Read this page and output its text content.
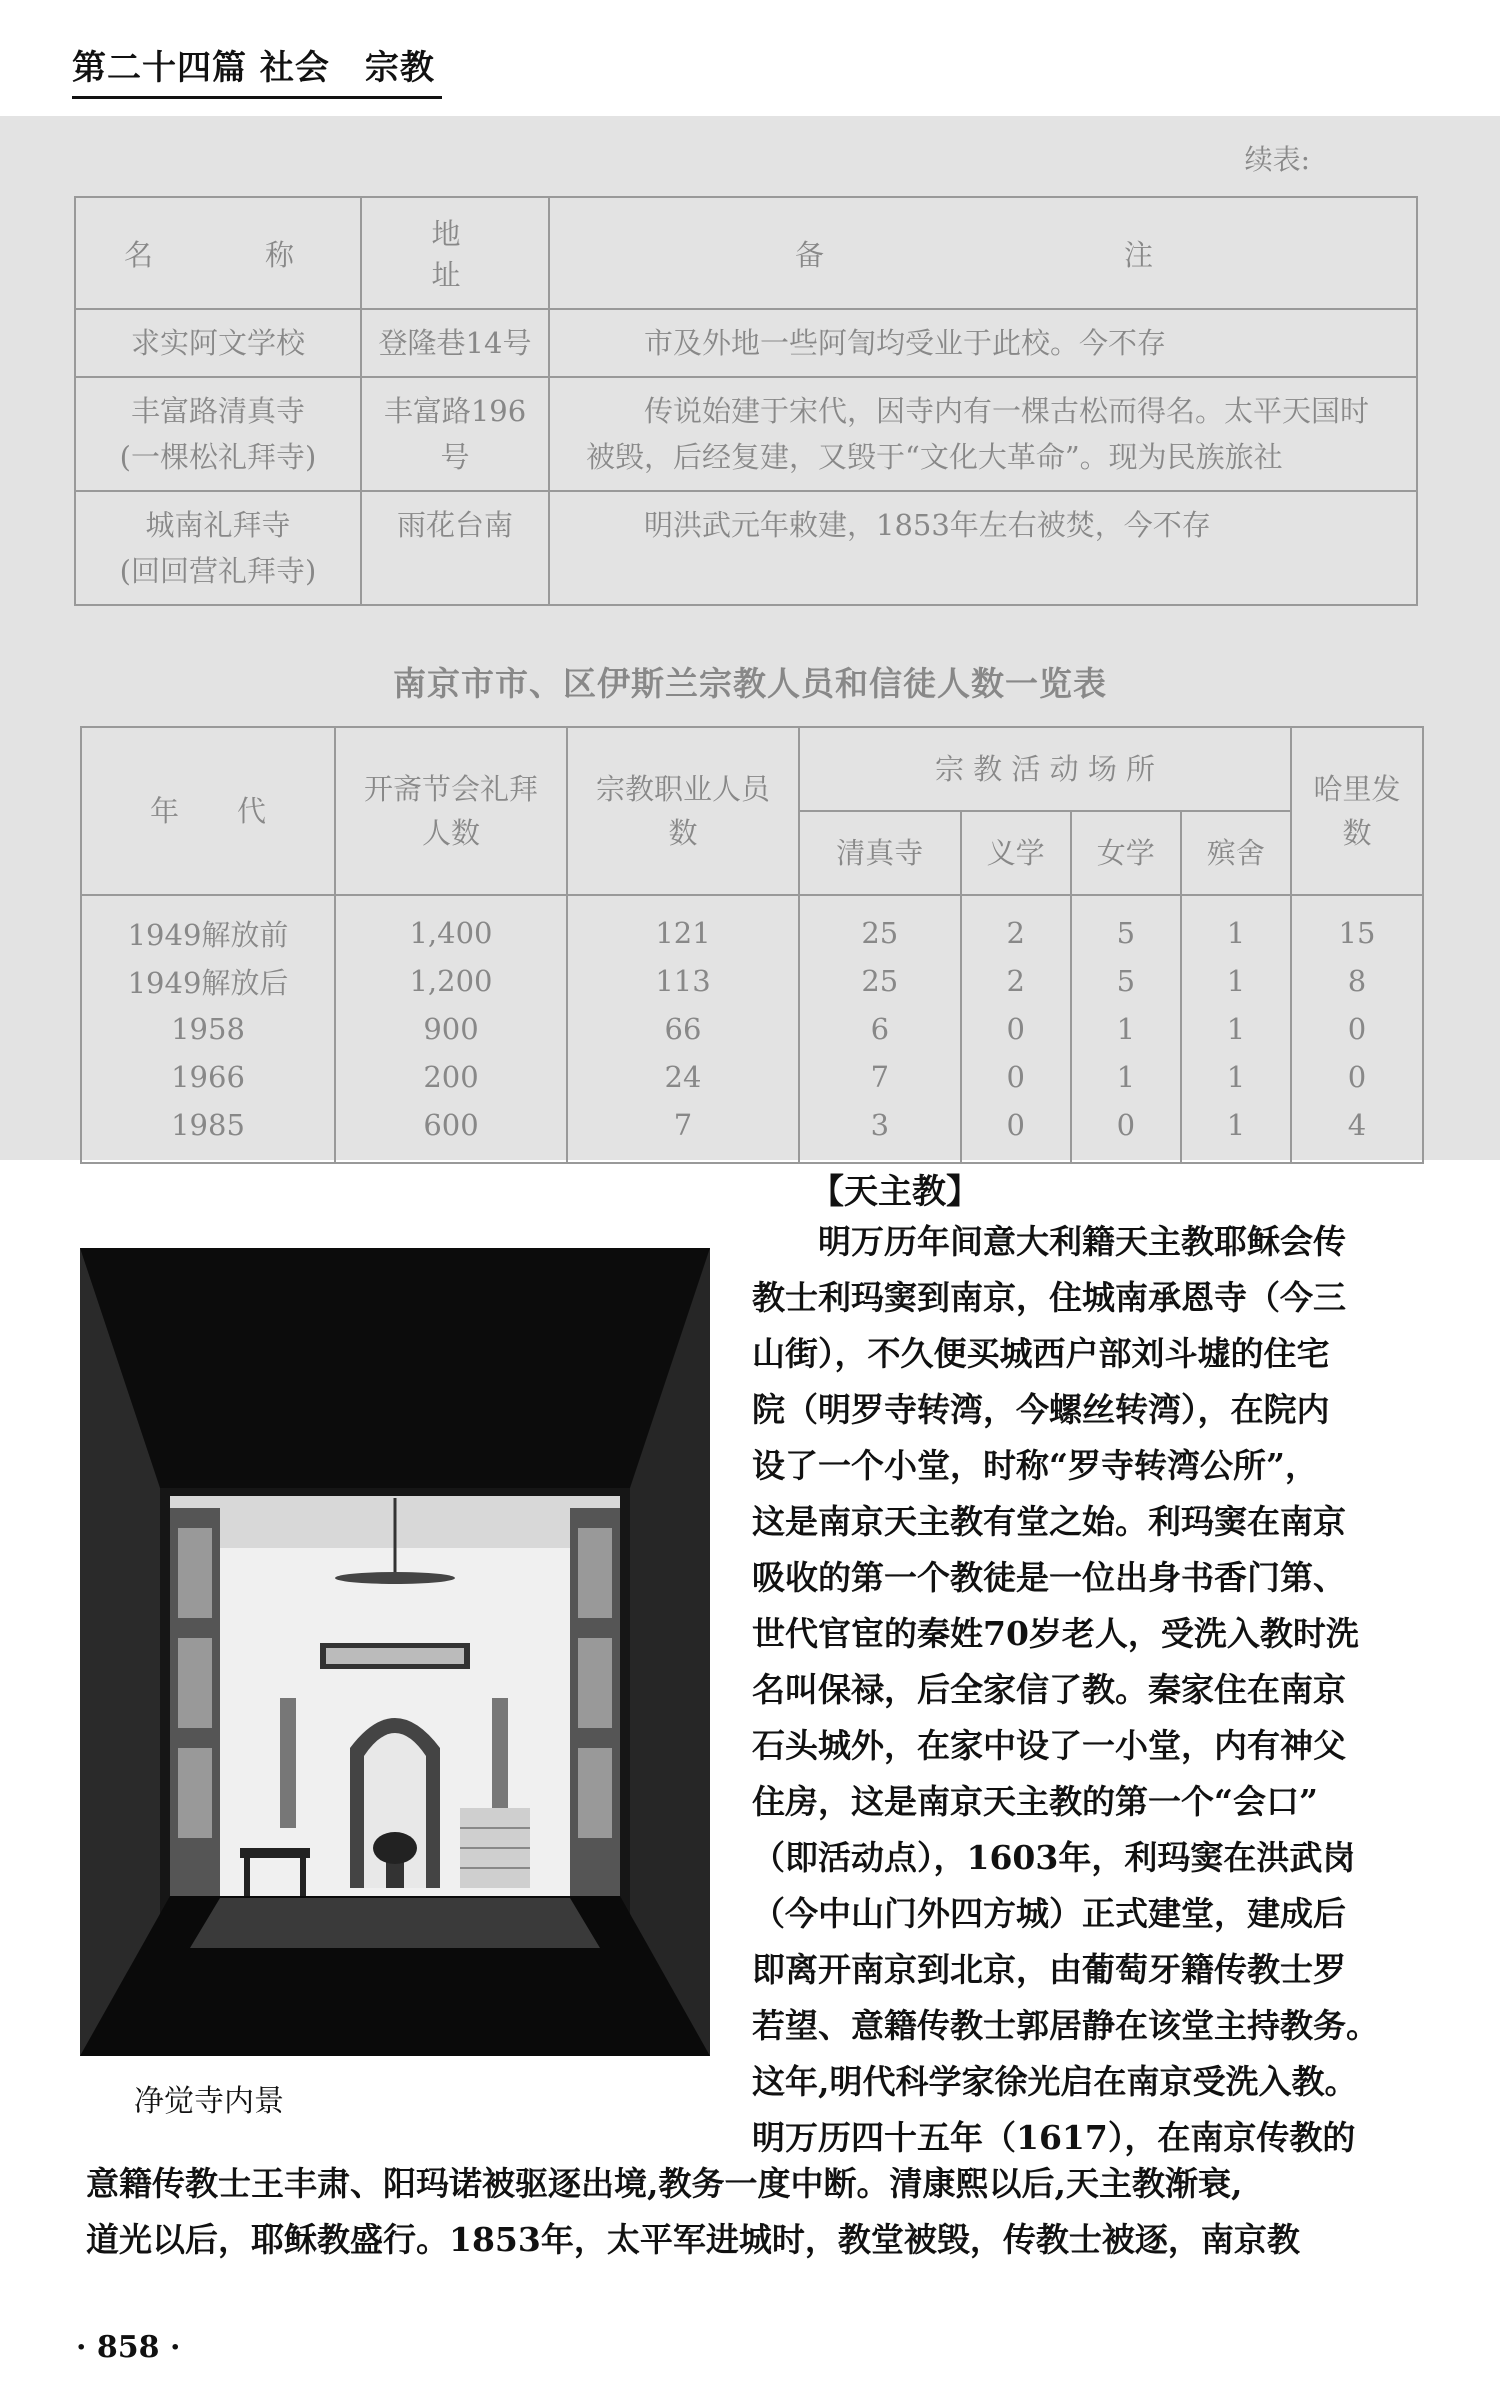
第二十四篇 社会　宗教
续表:
名　　称	地　　址	备　　　　　　注
求实阿文学校	登隆巷14号	市及外地一些阿訇均受业于此校。今不存
丰富路清真寺
(一棵松礼拜寺)	丰富路196号	传说始建于宋代，因寺内有一棵古松而得名。太平天国时被毁，后经复建，又毁于“文化大革命”。现为民族旅社
城南礼拜寺
(回回营礼拜寺)	雨花台南	明洪武元年敕建，1853年左右被焚，今不存
南京市市、区伊斯兰宗教人员和信徒人数一览表
年　　代	开斋节会礼拜人数	宗教职业人员数	宗 教 活 动 场 所				哈里发数
			清真寺	义学	女学	殡舍	
1949解放前	1,400	121	25	2	5	1	15
1949解放后	1,200	113	25	2	5	1	8
1958	900	66	6	0	1	1	0
1966	200	24	7	0	1	1	0
1985	600	7	3	0	0	1	4
【天主教】
净觉寺内景
　　明万历年间意大利籍天主教耶稣会传
教士利玛窦到南京，住城南承恩寺（今三
山街），不久便买城西户部刘斗墟的住宅
院（明罗寺转湾，今螺丝转湾），在院内
设了一个小堂，时称“罗寺转湾公所”，
这是南京天主教有堂之始。利玛窦在南京
吸收的第一个教徒是一位出身书香门第、
世代官宦的秦姓70岁老人，受洗入教时洗
名叫保禄，后全家信了教。秦家住在南京
石头城外，在家中设了一小堂，内有神父
住房，这是南京天主教的第一个“会口”
（即活动点），1603年，利玛窦在洪武岗
（今中山门外四方城）正式建堂，建成后
即离开南京到北京，由葡萄牙籍传教士罗
若望、意籍传教士郭居静在该堂主持教务。
这年,明代科学家徐光启在南京受洗入教。
明万历四十五年（1617），在南京传教的
意籍传教士王丰肃、阳玛诺被驱逐出境,教务一度中断。清康熙以后,天主教渐衰,
道光以后，耶稣教盛行。1853年，太平军进城时，教堂被毁，传教士被逐，南京教
· 858 ·
